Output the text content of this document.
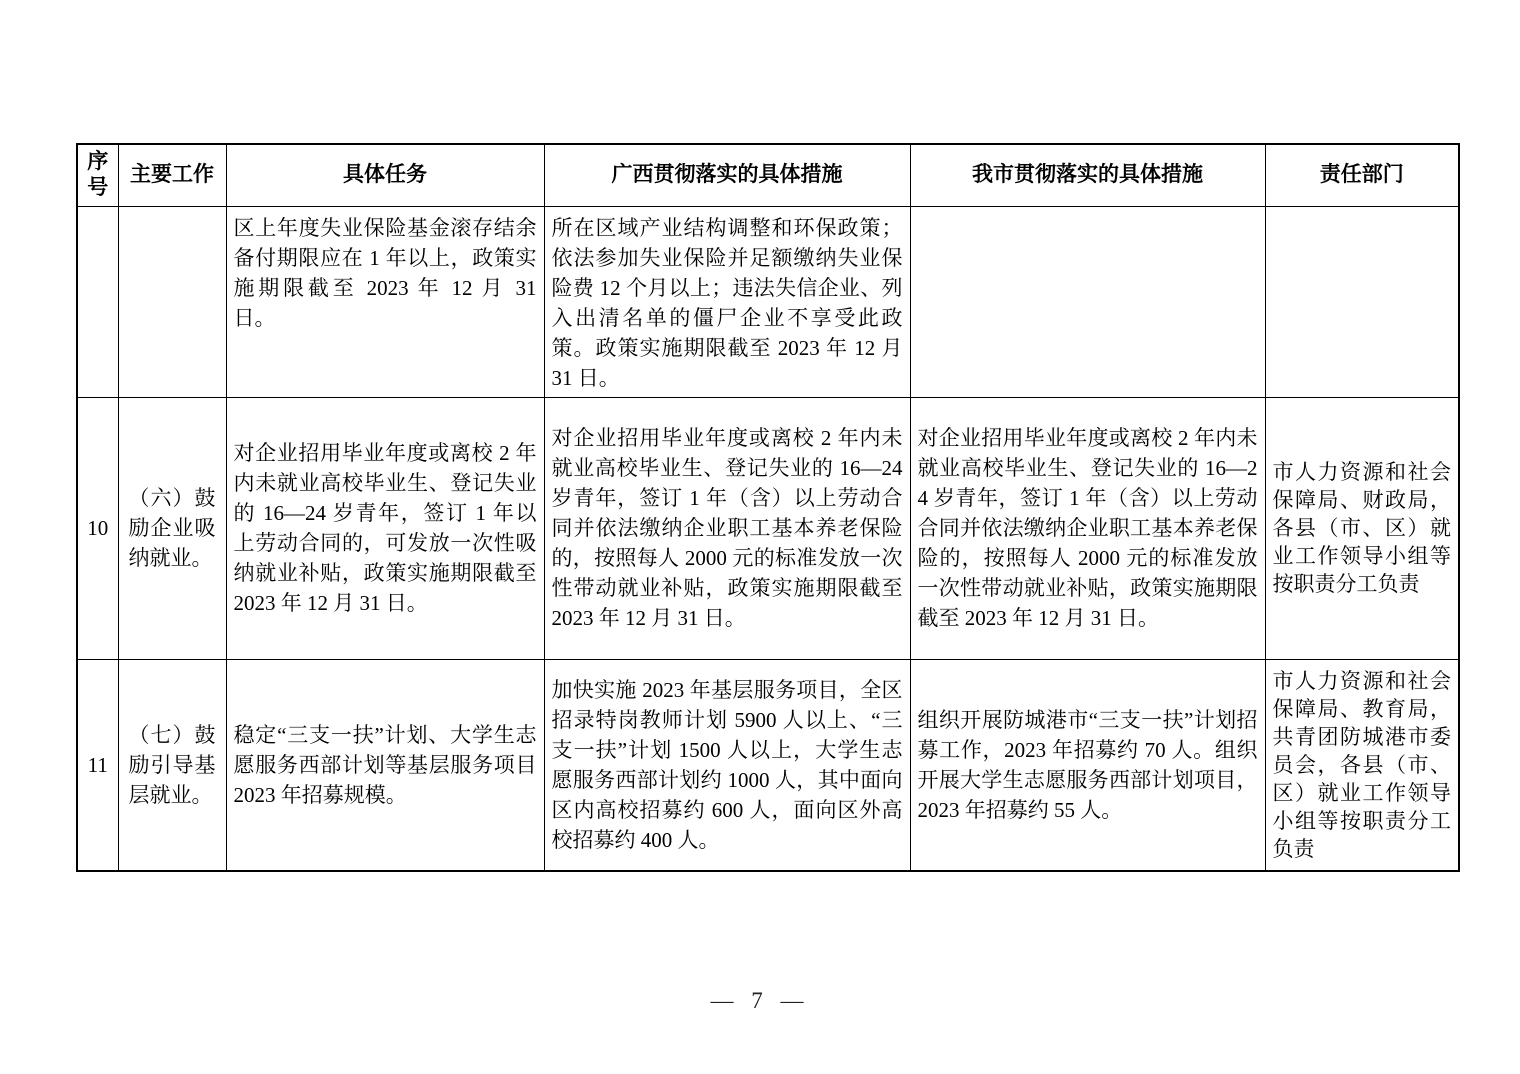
序号	主要工作	具体任务	广西贯彻落实的具体措施	我市贯彻落实的具体措施	责任部门
		区上年度失业保险基金滚存结余备付期限应在 1 年以上，政策实施期限截至 2023 年 12 月 31 日。	所在区域产业结构调整和环保政策；依法参加失业保险并足额缴纳失业保险费 12 个月以上；违法失信企业、列入出清名单的僵尸企业不享受此政策。政策实施期限截至 2023 年 12 月 31 日。		
10	（六）鼓励企业吸纳就业。	对企业招用毕业年度或离校 2 年内未就业高校毕业生、登记失业的 16—24 岁青年，签订 1 年以上劳动合同的，可发放一次性吸纳就业补贴，政策实施期限截至 2023 年 12 月 31 日。	对企业招用毕业年度或离校 2 年内未就业高校毕业生、登记失业的 16—24 岁青年，签订 1 年（含）以上劳动合同并依法缴纳企业职工基本养老保险的，按照每人 2000 元的标准发放一次性带动就业补贴，政策实施期限截至 2023 年 12 月 31 日。	对企业招用毕业年度或离校 2 年内未就业高校毕业生、登记失业的 16—24 岁青年，签订 1 年（含）以上劳动合同并依法缴纳企业职工基本养老保险的，按照每人 2000 元的标准发放一次性带动就业补贴，政策实施期限截至 2023 年 12 月 31 日。	市人力资源和社会保障局、财政局，各县（市、区）就业工作领导小组等按职责分工负责
11	（七）鼓励引导基层就业。	稳定“三支一扶”计划、大学生志愿服务西部计划等基层服务项目 2023 年招募规模。	加快实施 2023 年基层服务项目，全区招录特岗教师计划 5900 人以上、“三支一扶”计划 1500 人以上，大学生志愿服务西部计划约 1000 人，其中面向区内高校招募约 600 人，面向区外高校招募约 400 人。	组织开展防城港市“三支一扶”计划招募工作，2023 年招募约 70 人。组织开展大学生志愿服务西部计划项目，2023 年招募约 55 人。	市人力资源和社会保障局、教育局，共青团防城港市委员会，各县（市、区）就业工作领导小组等按职责分工负责
— 7 —
